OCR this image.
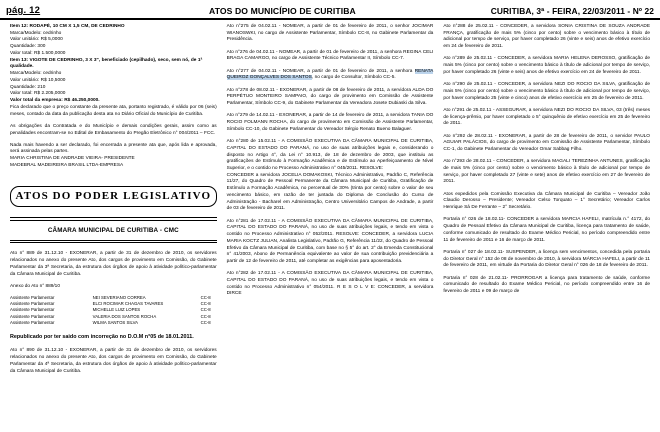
pág. 12	ATOS DO MUNICÍPIO DE CURITIBA	CURITIBA, 3ª - FEIRA, 22/03/2011 - Nº 22

Item 12: RODAPÉ, 10 CM X 1,5 CM, DE CEDRINHO

Marca/Modelo: cedrinho

Valor unitário: R$ 5,0000

Quantidade: 300

Valor total: R$ 1.500,0000

Item 13: VIGOTE DE CEDRINHO, 3 X 3", beneficiado (cepilhado), seco, sem nó, de 1ª qualidade.

Marca/Modelo: cedrinho

Valor unitário: R$ 10,5000

Quantidade: 210

Valor total: R$ 2.205,0000

Valor total da empresa: R$ 46.250,0000.

Fica declarado que o preço constante da presente ata, portanto registrado, é válido por 06 (seis) meses, contado da data da publicação desta ata no Diário Oficial do Município de Curitiba.

As obrigações da Contratada e do Município e demais condições gerais, assim como as penalidades encontram-se no Edital de Embasamento do Pregão Eletrônico n° 004/2011 – FCC.

Nada mais havendo a ser declarado, foi encerrada a presente ata que, após lida e aprovada, será assinada pelas partes.

MARIA CHRISTINA DE ANDRADE VIEIRA- PRESIDENTE

MADEBRAL MADEIREIRA BRASIL LTDA-EMPRESA

ATOS DO PODER LEGISLATIVO
CÂMARA MUNICIPAL DE CURITIBA - CMC

Ato n° 889 de 31.12.10 - EXONERAR, a partir de 31 de dezembro de 2010, os servidores relacionados no anexo do presente Ato, dos cargos de provimento em Comissão, do Gabinete Parlamentar da 3ª Secretaria, da estrutura dos órgãos de apoio à atividade político-parlamentar da Câmara Municipal de Curitiba.

Anexo do Ato n° 889/10

Assistente Parlamentar	NEI SEVERIANO CORREA	CC-8
Assistente Parlamentar	ELCI ROCIMAR CHAGAS TAVARES	CC-8
Assistente Parlamentar	MICHELLE LUIZ LOPES	CC-8
Assistente Parlamentar	VALERIA DOS SANTOS ROCHA	CC-8
Assistente Parlamentar	WILMA SANTOS SILVA	CC-8

Republicado por ter saido com incorreção no D.O.M n°05 de 18.01.2011.

Ato n° 890 de 31.12.10 - EXONERAR, a partir de 31 de dezembro de 2010, os servidores relacionados no anexo do presente Ato, dos cargos de provimento em Comissão, do Gabinete Parlamentar da 4ª Secretaria, da estrutura dos órgãos de apoio à atividade político-parlamentar da Câmara Municipal de Curitiba.

Ato n°275 de 04.02.11 - NOMEAR, a partir de 01 de fevereiro de 2011, o senhor JOCIMAR WIANOSWKI, no cargo de Assistente Parlamentar, Símbolo CC-8, no Gabinete Parlamentar da Presidência.

Ato n°276 de 04.02.11 - NOMEAR, a partir de 01 de fevereiro de 2011, a senhora REGINA CELI BRAGA CAMARGO, no cargo de Assistente Técnico Parlamentar II, Símbolo CC-7.

Ato n°277 de 04.02.11 - NOMEAR, a partir de 01 de fevereiro de 2011, a senhora RENATA QUEIROZ GONÇALVES DOS SANTOS, no cargo de Consultor, Símbolo CC-5.

Ato n°278 de 08.02.11 - EXONERAR, a partir de 08 de fevereiro de 2011, a servidora ALDA DO PERPÉTUO MONTEIRO SAMPAIO, do cargo de provimento em Comissão de Assistente Parlamentar, Símbolo CC-9, do Gabinete Parlamentar da Vereadora Josete Dubiaski da Silva.

Ato n°279 de 14.02.11 - EXONERAR, a partir de 14 de fevereiro de 2011, a servidora TANIA DO ROCIO FOLMANN ROCHA, do cargo de provimento em Comissão de Assistente Parlamentar, Símbolo CC-10, do Gabinete Parlamentar do Vereador Sérgio Renato Bueno Balaguer.

Ato n°280 de 15.02.11 - A COMISSÃO EXECUTIVA DA CÂMARA MUNICIPAL DE CURITIBA, CAPITAL DO ESTADO DO PARANÁ, no uso de suas atribuições legais e, considerando o disposto no Artigo 4°, da Lei n° 10.913, de 18 de dezembro de 2003, que instituiu as gratificações de Estímulo à Formação Acadêmica e de Estímulo ao Aperfeiçoamento de Nível Superior, e o contido no Processo Administrativo n° 045/2011. RESOLVE:

CONCEDER a servidora JOCELIA DOMAKOSKI, Técnico Administrativo, Padrão C, Referência 11/27, do Quadro de Pessoal Permanente da Câmara Municipal de Curitiba, Gratificação de Estímulo a Formação Acadêmica, no percentual de 30% (trinta por cento) sobre o valor de seu vencimento básico, em razão de ter juntada do Diploma de Conclusão do Curso de Administração - Bacharel em Administração, Centro Universitário Campos de Andrade, a partir de 03 de fevereiro de 2011.

Ato n°281 de 17.02.11 - A COMISSÃO EXECUTIVA DA CÂMARA MUNICIPAL DE CURITIBA, CAPITAL DO ESTADO DO PARANÁ, no uso de suas atribuições legais, e tendo em vista o contido no Processo Administrativo n° 052/2011. RESOLVE: CONCEDER, a servidora LUCIA MARIA KOCTZ JULIAN, Analista Legislativo, Padrão G, Referência 11/22, do Quadro de Pessoal Efetivo da Câmara Municipal de Curitiba, com base no § 5° do art. 2° da Emenda Constitucional n° 41/2003, Abono de Permanência equivalente ao valor de sua contribuição previdenciária a partir de 12 de fevereiro de 2011, até completar as exigências para aposentadoria.

Ato n°282 de 17.02.11 - A COMISSÃO EXECUTIVA DA CÂMARA MUNICIPAL DE CURITIBA, CAPITAL DO ESTADO DO PARANÁ, no uso de suas atribuições legais, e tendo em vista o contido no Processo Administrativo n° 054/2011. R E S O L V E: CONCEDER, a servidora DIRCE

Ato n°288 de 25.02.11 - CONCEDER, a servidora SONIA CRISTINA DE SOUZA ANDRADE FRANÇA, gratificação de mais 5% (cinco por cento) sobre o vencimento básico à título de adicional por tempo de serviço, por haver completado 26 (vinte e seis) anos de efetivo exercício em 24 de fevereiro de 2011.

Ato n°289 de 25.02.11 - CONCEDER, a servidora MARIA HELENA DEROSSO, gratificação de mais 5% (cinco por cento) sobre o vencimento básico à título de adicional por tempo de serviço, por haver completado 26 (vinte e seis) anos de efetivo exercício em 24 de fevereiro de 2011.

Ato n°290 de 25.02.11 - CONCEDER, a servidora NEZI DO ROCIO DA SILVA, gratificação de mais 5% (cinco por cento) sobre o vencimento básico à título de adicional por tempo de serviço, por haver completado 25 (vinte e cinco) anos de efetivo exercício em 25 de fevereiro de 2011.

Ato n°291 de 25.02.11 - ASSEGURAR, a servidora NEZI DO ROCIO DA SILVA, 03 (três) meses de licença-prêmio, por haver completado o 5° quinquênio de efetivo exercício em 25 de fevereiro de 2011.

Ato n°292 de 28.02.11 - EXONERAR, a partir de 28 de fevereiro de 2011, o servidor PAULO AGUIAR PALÁCIOS, do cargo de provimento em Comissão de Assistente Parlamentar, Símbolo CC-1, do Gabinete Parlamentar do Vereador Omar Sabbag Filho.

Ato n°293 de 28.02.11 - CONCEDER, a servidora MAGALI TEREZINHA ANTUNES, gratificação de mais 5% (cinco por cento) sobre o vencimento básico à título de adicional por tempo de serviço, por haver completado 27 (vinte e sete) anos de efetivo exercício em 27 de fevereiro de 2011.

Atos expedidos pela Comissão Executiva da Câmara Municipal de Curitiba – Vereador João Claudio Derosso – Presidente; Vereador Celso Torquato – 1° Secretário; Vereador Carlos Henrique Sá De Ferrante – 2° Secretário.

Portaria n° 026 de 18.02.11- CONCEDER a servidora MARCIA HAFELI, matrícula n.° 4172, do Quadro de Pessoal Efetivo da Câmara Municipal de Curitiba, licença para tratamento de saúde, conforme comunicado de resultado do Exame Médico Pericial, no período compreendido entre 11 de fevereiro de 2011 e 16 de março de 2011.

Portaria n° 027 de 18.02.11- SUSPENDER, a licença sem vencimentos, concedida pela portaria do Diretor Geral n° 152 de 08 de novembro de 2010, à servidora MÁRCIA HAFELI, a partir de 11 de fevereiro de 2011, em virtude da Portaria do Diretor Geral n° 026 de 18 de fevereiro de 2011.

Portaria n° 028 de 21.02.11- PRORROGAR a licença para tratamento de saúde, conforme comunicado de resultado do Exame Médico Pericial, no período compreendido entre 16 de fevereiro de 2011 e 09 de março de
